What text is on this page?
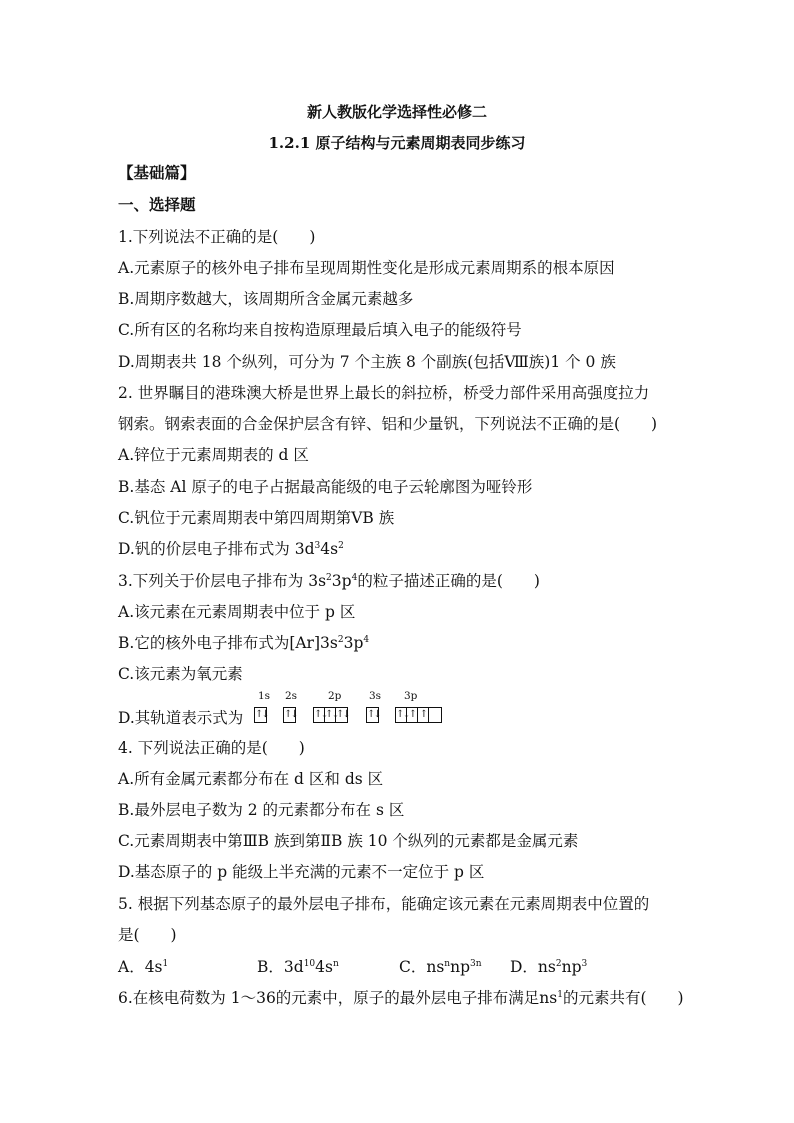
新人教版化学选择性必修二
1.2.1 原子结构与元素周期表同步练习
【基础篇】
一、选择题
1.下列说法不正确的是(　　)
A.元素原子的核外电子排布呈现周期性变化是形成元素周期系的根本原因
B.周期序数越大，该周期所含金属元素越多
C.所有区的名称均来自按构造原理最后填入电子的能级符号
D.周期表共 18 个纵列，可分为 7 个主族 8 个副族(包括Ⅷ族)1 个 0 族
2. 世界瞩目的港珠澳大桥是世界上最长的斜拉桥，桥受力部件采用高强度拉力
钢索。钢索表面的合金保护层含有锌、铝和少量钒，下列说法不正确的是(　　)
A.锌位于元素周期表的 d 区
B.基态 Al 原子的电子占据最高能级的电子云轮廓图为哑铃形
C.钒位于元素周期表中第四周期第ⅤB 族
D.钒的价层电子排布式为 $3d^34s^2$
3.下列关于价层电子排布为 $3s^23p^4$的粒子描述正确的是(　　)
A.该元素在元素周期表中位于 p 区
B.它的核外电子排布式为$[Ar]3s^23p^4$
C.该元素为氧元素
D.其轨道表示式为
1s 2s	2p	3s 3p
↑↓ ↑↓ ↑↓
↑↓
↑↓ ↑↓ ↑↓ ↑ ↑
4. 下列说法正确的是(　　)
A.所有金属元素都分布在 d 区和 ds 区
B.最外层电子数为 2 的元素都分布在 s 区
C.元素周期表中第ⅢB 族到第ⅡB 族 10 个纵列的元素都是金属元素
D.基态原子的 p 能级上半充满的元素不一定位于 p 区
5. 根据下列基态原子的最外层电子排布，能确定该元素在元素周期表中位置的
是(　　)
A．$4s^1$	B．$3d^{10}4s^n$	C．$ns^nnp^{3n}$ D．$ns^2np^3$
6.在核电荷数为 1～36的元素中，原子的最外层电子排布满足$ns^1$的元素共有(　　)
